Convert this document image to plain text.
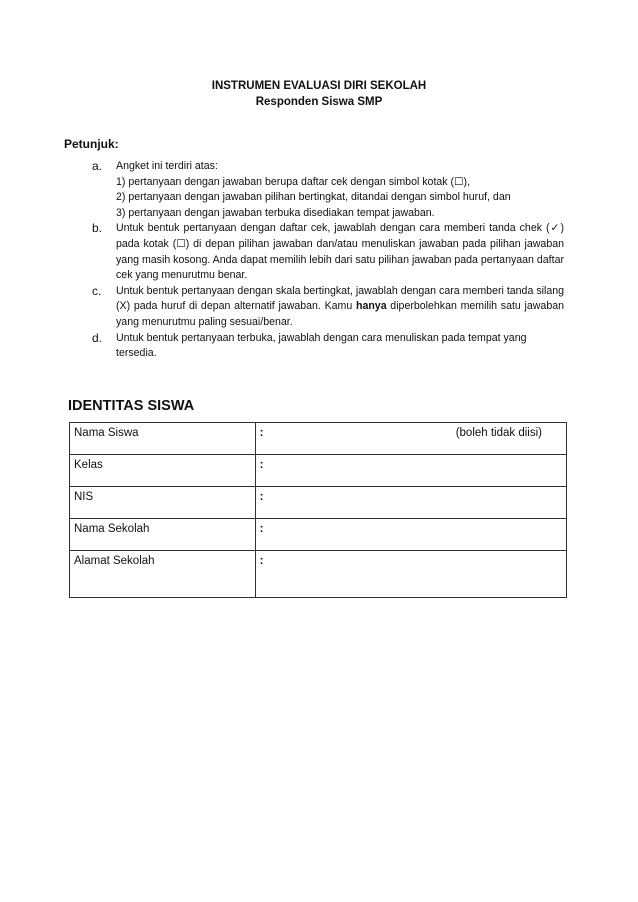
INSTRUMEN EVALUASI DIRI SEKOLAH
Responden Siswa SMP
Petunjuk:
a. Angket ini terdiri atas:
1) pertanyaan dengan jawaban berupa daftar cek dengan simbol kotak (☐),
2) pertanyaan dengan jawaban pilihan bertingkat, ditandai dengan simbol huruf, dan
3) pertanyaan dengan jawaban terbuka disediakan tempat jawaban.
b. Untuk bentuk pertanyaan dengan daftar cek, jawablah dengan cara memberi tanda chek (✓) pada kotak (☐) di depan pilihan jawaban dan/atau menuliskan jawaban pada pilihan jawaban yang masih kosong. Anda dapat memilih lebih dari satu pilihan jawaban pada pertanyaan daftar cek yang menurutmu benar.
c. Untuk bentuk pertanyaan dengan skala bertingkat, jawablah dengan cara memberi tanda silang (X) pada huruf di depan alternatif jawaban. Kamu hanya diperbolehkan memilih satu jawaban yang menurutmu paling sesuai/benar.
d. Untuk bentuk pertanyaan terbuka, jawablah dengan cara menuliskan pada tempat yang tersedia.
IDENTITAS SISWA
Nama Siswa	: (boleh tidak diisi)

Kelas	:
NIS	:
Nama Sekolah	:
Alamat Sekolah	:
